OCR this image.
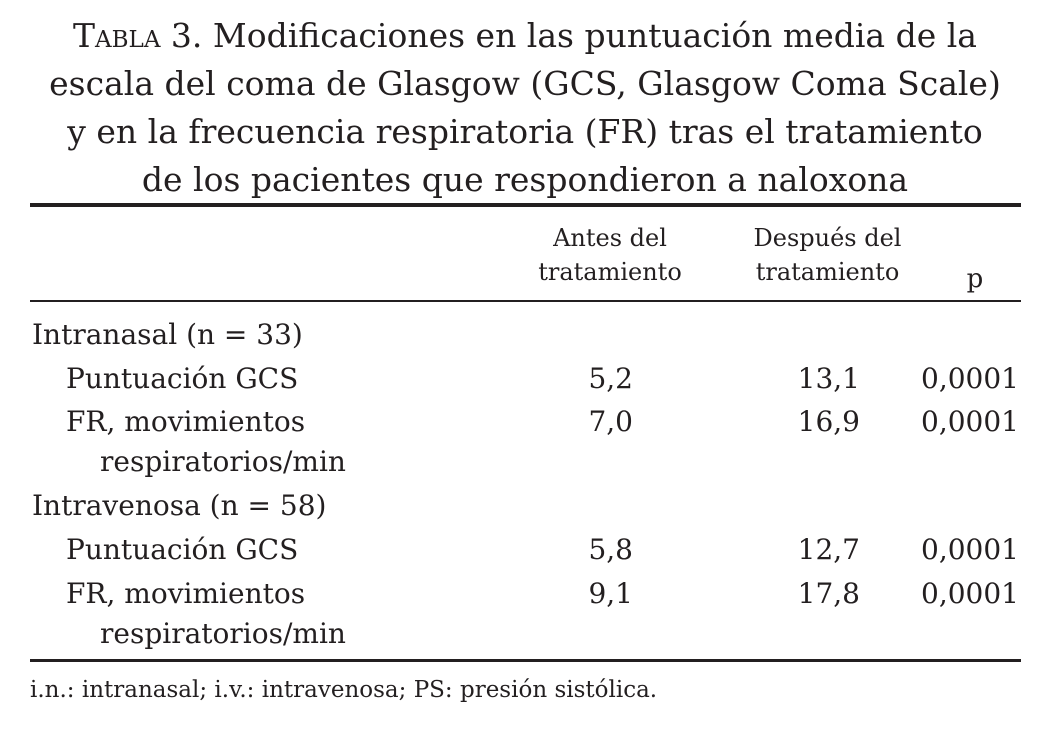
Tabla 3. Modificaciones en las puntuación media de la
escala del coma de Glasgow (GCS, Glasgow Coma Scale)
y en la frecuencia respiratoria (FR) tras el tratamiento
de los pacientes que respondieron a naloxona
Antes del
tratamiento
Después del
tratamiento	p
Intranasal (n = 33)
Puntuación GCS	5,2	13,1 0,0001
FR, movimientos
respiratorios/min
7,0	16,9 0,0001
Intravenosa (n = 58)
Puntuación GCS	5,8	12,7 0,0001
FR, movimientos
respiratorios/min
9,1	17,8 0,0001
i.n.: intranasal; i.v.: intravenosa; PS: presión sistólica.
